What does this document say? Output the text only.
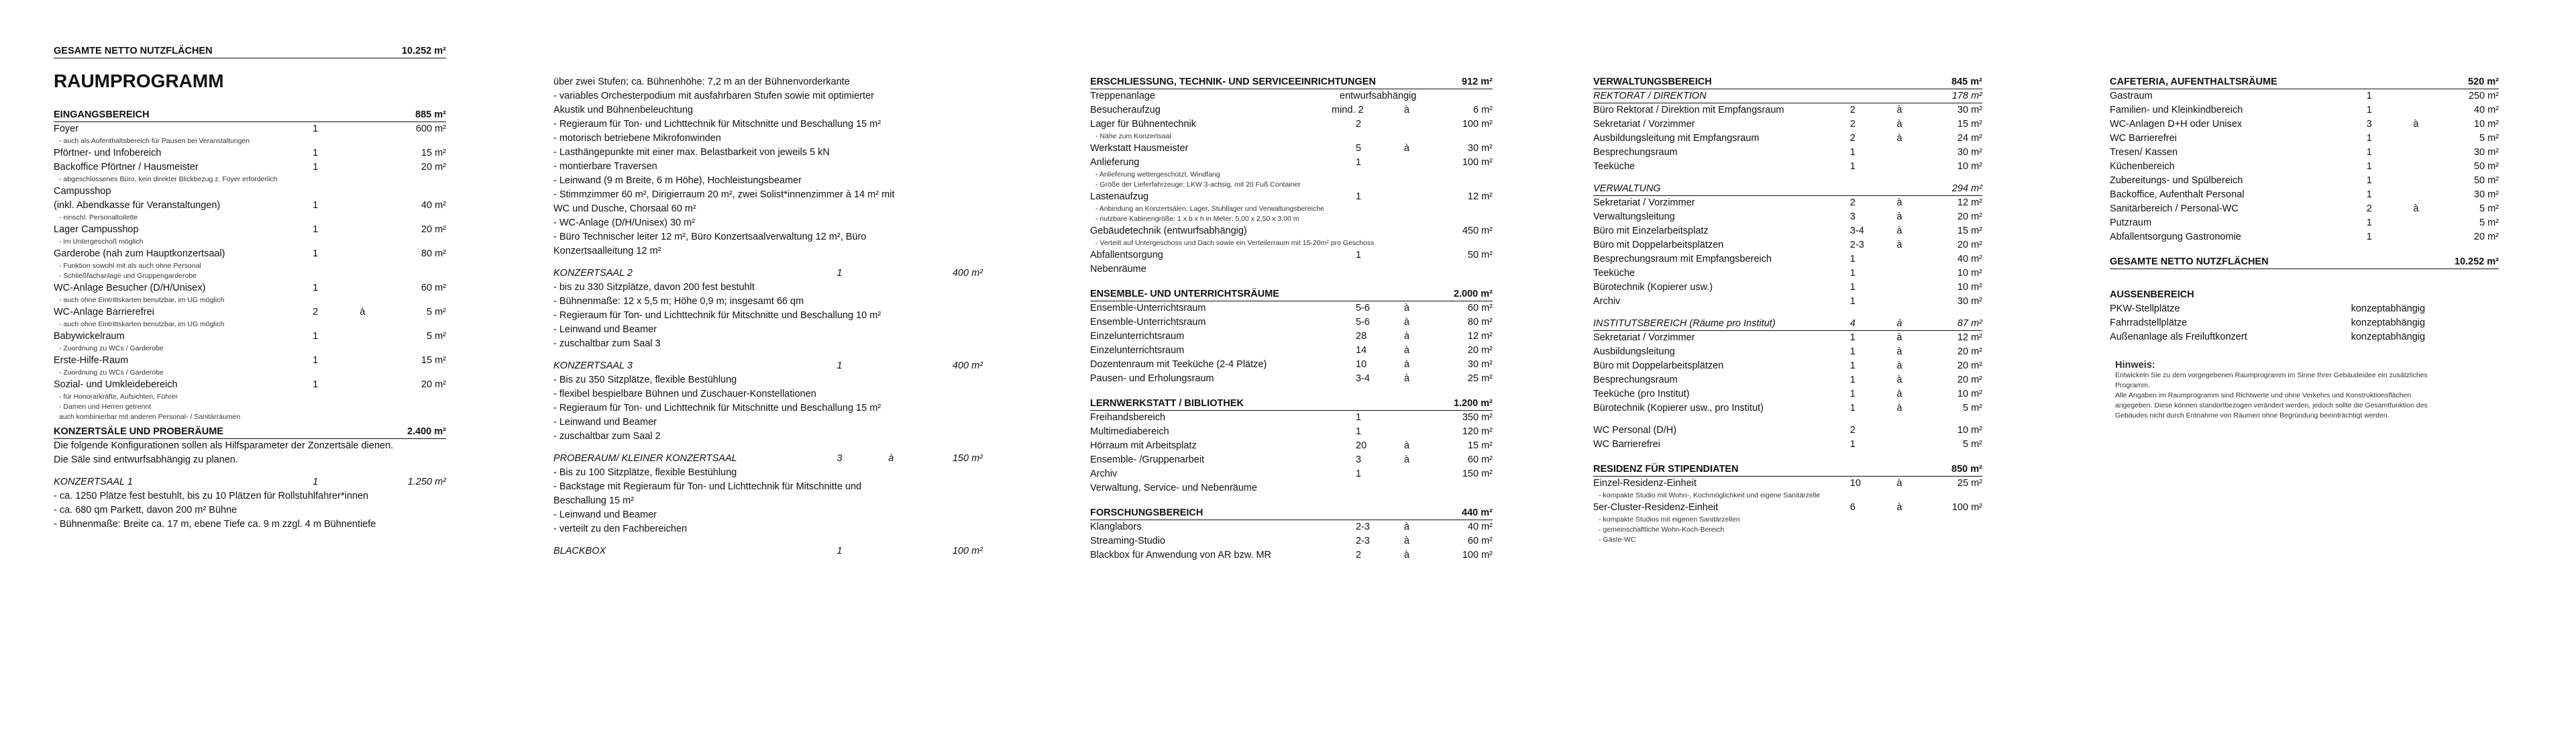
GESAMTE NETTO NUTZFLÄCHEN	10.252 m²
RAUMPROGRAMM
EINGANGSBEREICH	885 m²
Foyer	1	600 m²
- auch als Aufenthaltsbereich für Pausen bei Veranstaltungen
Pförtner- und Infobereich	1	15 m²
Backoffice Pförtner / Hausmeister	1	20 m²
- abgeschlossenes Büro, kein direkter Blickbezug z. Foyer erforderlich
Campusshop
(inkl. Abendkasse für Veranstaltungen)	1	40 m²
- einschl. Personaltoilette
Lager Campusshop	1	20 m²
- im Untergeschoß möglich
Garderobe (nah zum Hauptkonzertsaal)	1	80 m²
- Funktion sowohl mit als auch ohne Personal
- Schließfachanlage und Gruppengarderobe
WC-Anlage Besucher (D/H/Unisex)	1	60 m²
- auch ohne Eintrittskarten benutzbar, im UG möglich
WC-Anlage Barrierefrei	2	à	5 m²
- auch ohne Eintrittskarten benutzbar, im UG möglich
Babywickelraum	1	5 m²
- Zuordnung zu WCs / Garderobe
Erste-Hilfe-Raum	1	15 m²
- Zuordnung zu WCs / Garderobe
Sozial- und Umkleidebereich	1	20 m²
- für Honorarkräfte, Aufsichten, Führer
- Damen und Herren getrennt
auch kombinierbar mit anderen Personal- / Sanitärräumen
KONZERTSÄLE UND PROBERÄUME	2.400 m²
Die folgende Konfigurationen sollen als Hilfsparameter der Zonzertsäle dienen.
Die Säle sind entwurfsabhängig zu planen.
KONZERTSAAL 1	1	1.250 m²
- ca. 1250 Plätze fest bestuhlt, bis zu 10 Plätzen für Rollstuhlfahrer*innen
- ca. 680 qm Parkett, davon 200 m² Bühne
- Bühnenmaße: Breite ca. 17 m, ebene Tiefe ca. 9 m zzgl. 4 m Bühnentiefe
über zwei Stufen; ca. Bühnenhöhe: 7,2 m an der Bühnenvorderkante
- variables Orchesterpodium mit ausfahrbaren Stufen sowie mit optimierter
Akustik und Bühnenbeleuchtung
- Regieraum für Ton- und Lichttechnik für Mitschnitte und Beschallung 15 m²
- motorisch betriebene Mikrofonwinden
- Lasthängepunkte mit einer max. Belastbarkeit von jeweils 5 kN
- montierbare Traversen
- Leinwand (9 m Breite, 6 m Höhe), Hochleistungsbeamer
- Stimmzimmer 60 m², Dirigierraum 20 m², zwei Solist*innenzimmer à 14 m² mit
WC und Dusche, Chorsaal 60 m²
- WC-Anlage (D/H/Unisex) 30 m²
- Büro Technischer leiter 12 m², Büro Konzertsaalverwaltung 12 m², Büro
Konzertsaalleitung 12 m²
KONZERTSAAL 2	1	400 m²
- bis zu 330 Sitzplätze, davon 200 fest bestuhlt
- Bühnenmaße: 12 x 5,5 m; Höhe 0,9 m; insgesamt 66 qm
- Regieraum für Ton- und Lichttechnik für Mitschnitte und Beschallung 10 m²
- Leinwand und Beamer
- zuschaltbar zum Saal 3
KONZERTSAAL 3	1	400 m²
- Bis zu 350 Sitzplätze, flexible Bestühlung
- flexibel bespielbare Bühnen und Zuschauer-Konstellationen
- Regieraum für Ton- und Lichttechnik für Mitschnitte und Beschallung 15 m²
- Leinwand und Beamer
- zuschaltbar zum Saal 2
PROBERAUM/ KLEINER KONZERTSAAL	3	à	150 m²
- Bis zu 100 Sitzplätze, flexible Bestühlung
- Backstage mit Regieraum für Ton- und Lichttechnik für Mitschnitte und
Beschallung 15 m²
- Leinwand und Beamer
- verteilt zu den Fachbereichen
BLACKBOX	1	100 m²
ERSCHLIESSUNG, TECHNIK- UND SERVICEEINRICHTUNGEN	912 m²
Treppenanlage	entwurfsabhängig
Besucheraufzug	mind. 2	à	6 m²
Lager für Bühnentechnik	2	100 m²
- Nähe zum Konzertsaal
Werkstatt Hausmeister	5	à	30 m²
Anlieferung	1	100 m²
- Anlieferung wettergeschützt, Windfang
- Größe der Lieferfahrzeuge: LKW 3-achsig, mit 20 Fuß Container
Lastenaufzug	1	12 m²
- Anbindung an Konzertsälen, Lager, Stuhllager und Verwaltungsbereiche
- nutzbare Kabinengröße: 1 x b x h in Meter: 5,00 x 2,50 x 3,00 m
Gebäudetechnik (entwurfsabhängig)	450 m²
- Verteilt auf Untergeschoss und Dach sowie ein Verteilerraum mit 15-20m² pro Geschoss
Abfallentsorgung	1	50 m²
Nebenräume
ENSEMBLE- UND UNTERRICHTSRÄUME	2.000 m²
Ensemble-Unterrichtsraum	5-6	à	60 m²
Ensemble-Unterrichtsraum	5-6	à	80 m²
Einzelunterrichtsraum	28	à	12 m²
Einzelunterrichtsraum	14	à	20 m²
Dozentenraum mit Teeküche (2-4 Plätze)	10	à	30 m²
Pausen- und Erholungsraum	3-4	à	25 m²
LERNWERKSTATT / BIBLIOTHEK	1.200 m²
Freihandsbereich	1	350 m²
Multimediabereich	1	120 m²
Hörraum mit Arbeitsplatz	20	à	15 m²
Ensemble- /Gruppenarbeit	3	à	60 m²
Archiv	1	150 m²
Verwaltung, Service- und Nebenräume
FORSCHUNGSBEREICH	440 m²
Klanglabors	2-3	à	40 m²
Streaming-Studio	2-3	à	60 m²
Blackbox für Anwendung von AR bzw. MR	2	à	100 m²
VERWALTUNGSBEREICH	845 m²
REKTORAT / DIREKTION	178 m²
Büro Rektorat / Direktion mit Empfangsraum	2	à	30 m²
Sekretariat / Vorzimmer	2	à	15 m²
Ausbildungsleitung mit Empfangsraum	2	à	24 m²
Besprechungsraum	1	30 m²
Teeküche	1	10 m²
VERWALTUNG	294 m²
Sekretariat / Vorzimmer	2	à	12 m²
Verwaltungsleitung	3	à	20 m²
Büro mit Einzelarbeitsplatz	3-4	à	15 m²
Büro mit Doppelarbeitsplätzen	2-3	à	20 m²
Besprechungsraum mit Empfangsbereich	1	40 m²
Teeküche	1	10 m²
Bürotechnik (Kopierer usw.)	1	10 m²
Archiv	1	30 m²
INSTITUTSBEREICH (Räume pro Institut)	4	à	87 m²
Sekretariat / Vorzimmer	1	à	12 m²
Ausbildungsleitung	1	à	20 m²
Büro mit Doppelarbeitsplätzen	1	à	20 m²
Besprechungsraum	1	à	20 m²
Teeküche (pro Institut)	1	à	10 m²
Bürotechnik (Kopierer usw., pro Institut)	1	à	5 m²
WC Personal (D/H)	2	10 m²
WC Barrierefrei	1	5 m²
RESIDENZ FÜR STIPENDIATEN	850 m²
Einzel-Residenz-Einheit	10	à	25 m²
- kompakte Studio mit Wohn-, Kochmöglichkeit und eigene Sanitärzelle
5er-Cluster-Residenz-Einheit	6	à	100 m²
- kompakte Studios mit eigenen Sanitärzellen
- gemeinschaftliche Wohn-Koch-Bereich
- Gäste-WC
CAFETERIA, AUFENTHALTSRÄUME	520 m²
Gastraum	1	250 m²
Familien- und Kleinkindbereich	1	40 m²
WC-Anlagen D+H oder Unisex	3	à	10 m²
WC Barrierefrei	1	5 m²
Tresen/ Kassen	1	30 m²
Küchenbereich	1	50 m²
Zubereitungs- und Spülbereich	1	50 m²
Backoffice, Aufenthalt Personal	1	30 m²
Sanitärbereich / Personal-WC	2	à	5 m²
Putzraum	1	5 m²
Abfallentsorgung Gastronomie	1	20 m²
GESAMTE NETTO NUTZFLÄCHEN	10.252 m²
AUSSENBEREICH
PKW-Stellplätze	konzeptabhängig
Fahrradstellplätze	konzeptabhängig
Außenanlage als Freiluftkonzert	konzeptabhängig
Hinweis:
Entwickeln Sie zu dem vorgegebenen Raumprogramm im Sinne Ihrer Gebäudeidee ein zusätzliches
Programm.
Alle Angaben im Raumprogramm sind Richtwerte und ohne Verkehrs und Konstruktionsflächen
angegeben. Diese können standortbezogen verändert werden, jedoch sollte die Gesamtfunktion des
Gebäudes nicht durch Entnahme von Räumen ohne Begründung beeinträchtigt werden.
